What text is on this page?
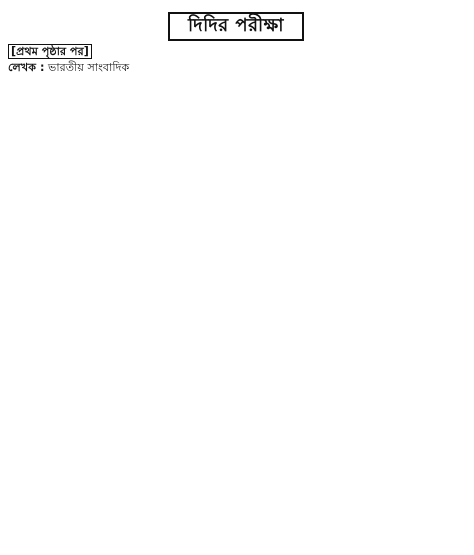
দিদির পরীক্ষা

[প্রথম পৃষ্ঠার পর]

লেখক : ভারতীয় সাংবাদিক
